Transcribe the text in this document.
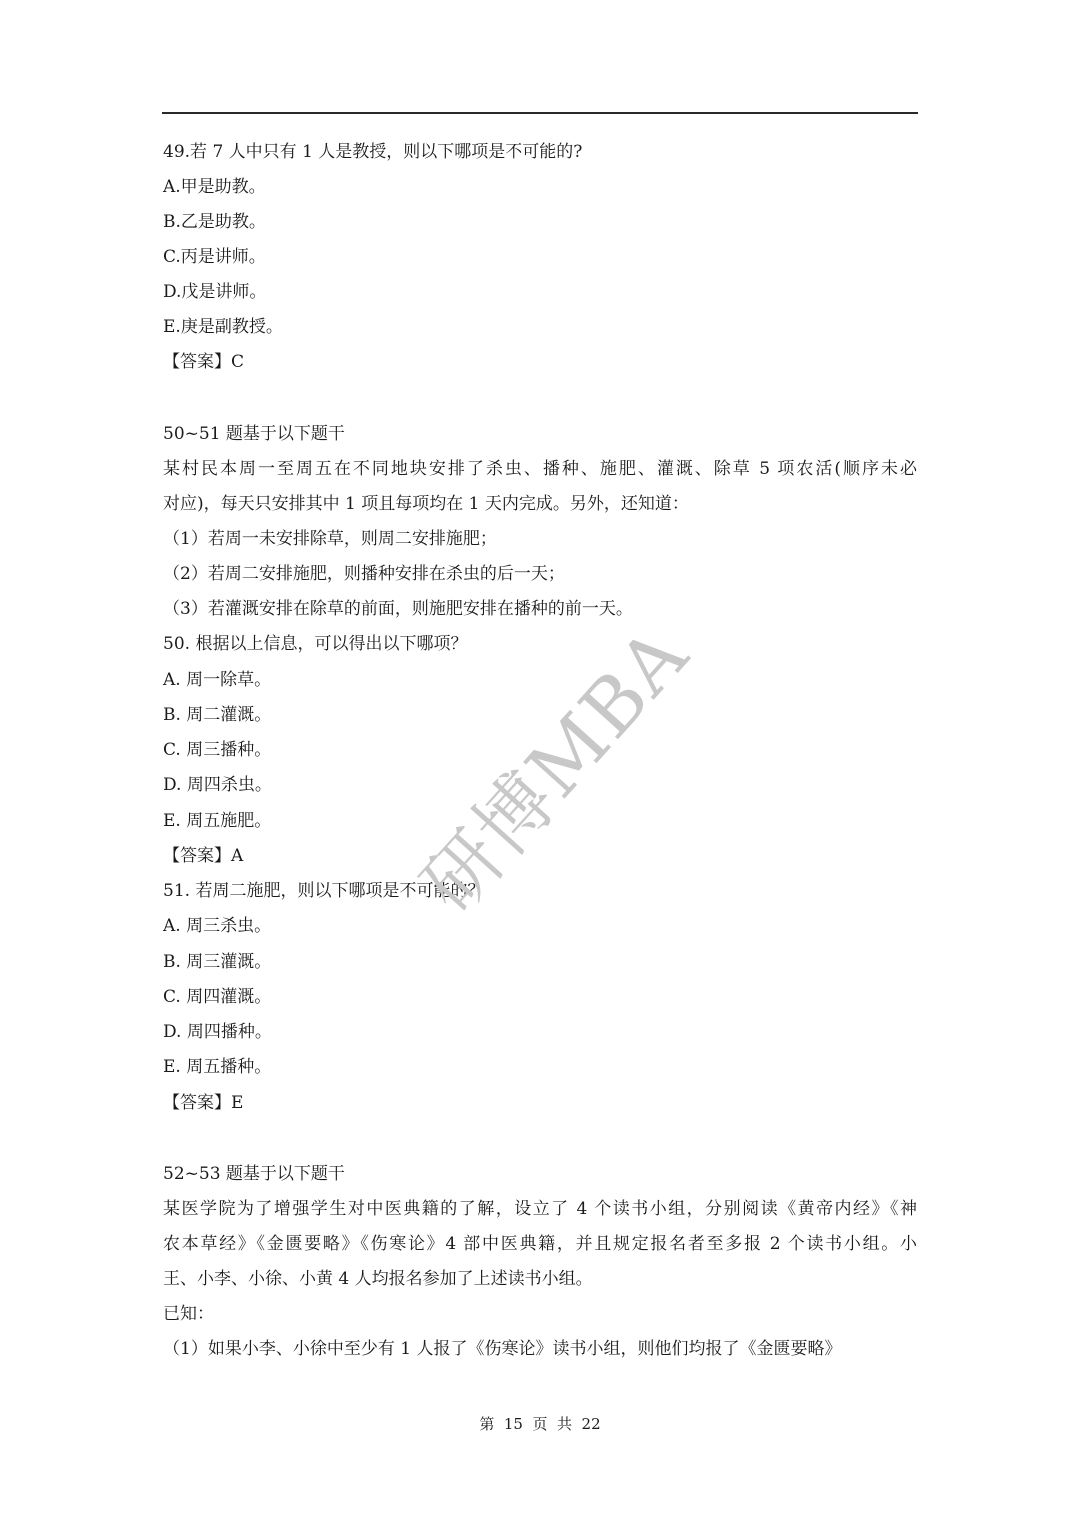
49.若 7 人中只有 1 人是教授，则以下哪项是不可能的?
A.甲是助教。
B.乙是助教。
C.丙是讲师。
D.戊是讲师。
E.庚是副教授。
【答案】C
50~51 题基于以下题干
某村民本周一至周五在不同地块安排了杀虫、播种、施肥、灌溉、除草 5 项农活(顺序未必
对应)，每天只安排其中 1 项且每项均在 1 天内完成。另外，还知道：
（1）若周一未安排除草，则周二安排施肥；
（2）若周二安排施肥，则播种安排在杀虫的后一天；
（3）若灌溉安排在除草的前面，则施肥安排在播种的前一天。
50. 根据以上信息，可以得出以下哪项？
A. 周一除草。
B. 周二灌溉。
C. 周三播种。
D. 周四杀虫。
E. 周五施肥。
【答案】A
51. 若周二施肥，则以下哪项是不可能的？
A. 周三杀虫。
B. 周三灌溉。
C. 周四灌溉。
D. 周四播种。
E. 周五播种。
【答案】E
52~53 题基于以下题干
某医学院为了增强学生对中医典籍的了解，设立了 4 个读书小组，分别阅读《黄帝内经》《神
农本草经》《金匮要略》《伤寒论》4 部中医典籍，并且规定报名者至多报 2 个读书小组。小
王、小李、小徐、小黄 4 人均报名参加了上述读书小组。
已知：
（1）如果小李、小徐中至少有 1 人报了《伤寒论》读书小组，则他们均报了《金匮要略》
研博MBA
第  15  页  共  22
